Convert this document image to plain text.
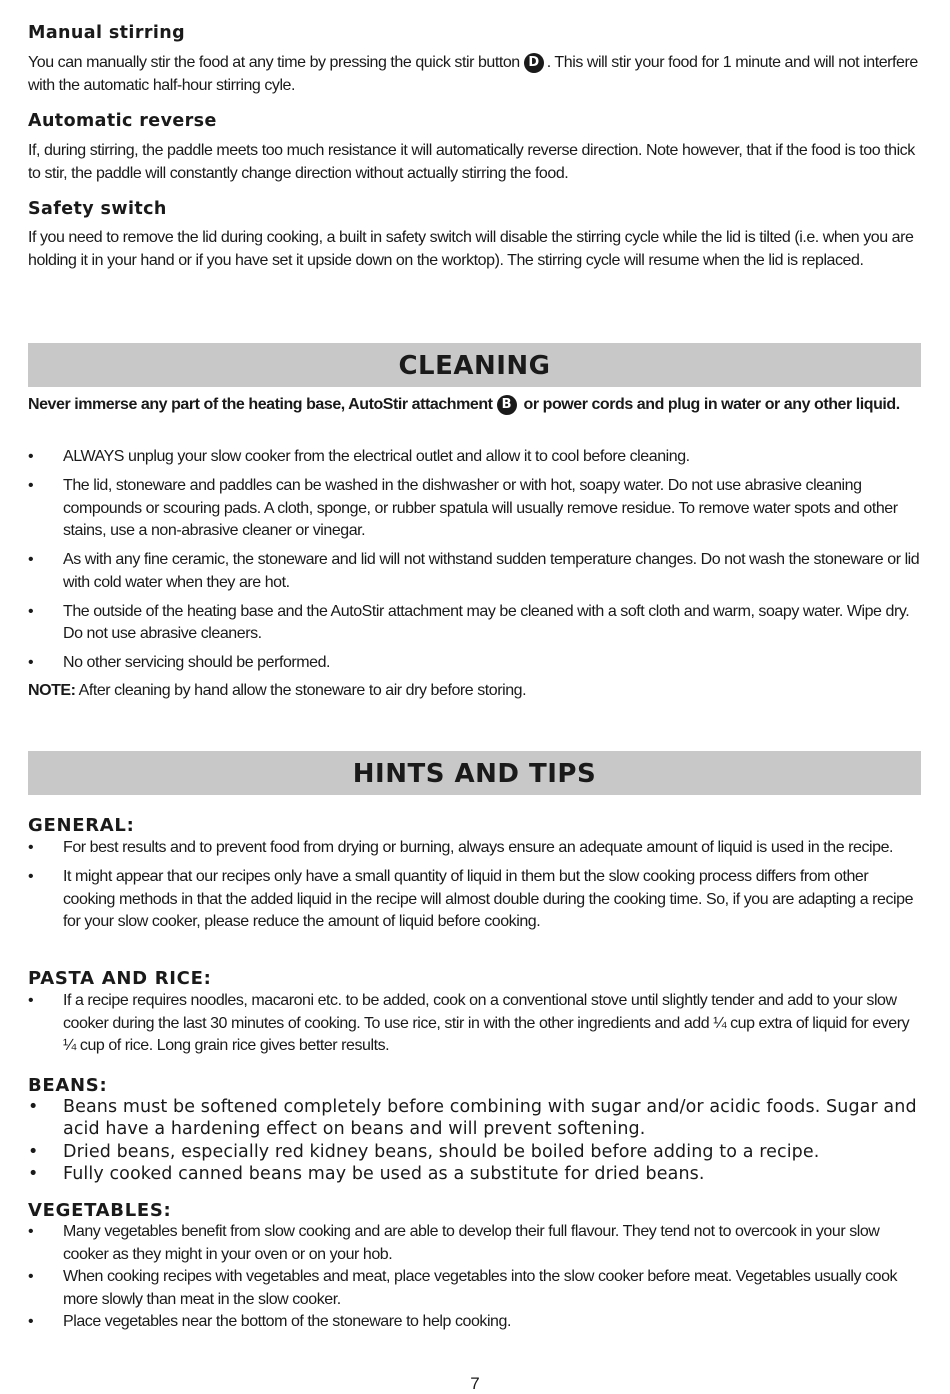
Manual stirring

You can manually stir the food at any time by pressing the quick stir button D . This will stir your food for 1 minute and will not interfere with the automatic half-hour stirring cyle.

Automatic reverse

If, during stirring, the paddle meets too much resistance it will automatically reverse direction. Note however, that if the food is too thick to stir, the paddle will constantly change direction without actually stirring the food.

Safety switch

If you need to remove the lid during cooking, a built in safety switch will disable the stirring cycle while the lid is tilted (i.e. when you are holding it in your hand or if you have set it upside down on the worktop). The stirring cycle will resume when the lid is replaced.

CLEANING

Never immerse any part of the heating base, AutoStir attachment B or power cords and plug in water or any other liquid.

• ALWAYS unplug your slow cooker from the electrical outlet and allow it to cool before cleaning.
• The lid, stoneware and paddles can be washed in the dishwasher or with hot, soapy water. Do not use abrasive cleaning compounds or scouring pads. A cloth, sponge, or rubber spatula will usually remove residue. To remove water spots and other stains, use a non-abrasive cleaner or vinegar.
• As with any fine ceramic, the stoneware and lid will not withstand sudden temperature changes. Do not wash the stoneware or lid with cold water when they are hot.
• The outside of the heating base and the AutoStir attachment may be cleaned with a soft cloth and warm, soapy water. Wipe dry. Do not use abrasive cleaners.
• No other servicing should be performed.

NOTE: After cleaning by hand allow the stoneware to air dry before storing.

HINTS AND TIPS
GENERAL:
• For best results and to prevent food from drying or burning, always ensure an adequate amount of liquid is used in the recipe.
• It might appear that our recipes only have a small quantity of liquid in them but the slow cooking process differs from other cooking methods in that the added liquid in the recipe will almost double during the cooking time. So, if you are adapting a recipe for your slow cooker, please reduce the amount of liquid before cooking.
PASTA AND RICE:
• If a recipe requires noodles, macaroni etc. to be added, cook on a conventional stove until slightly tender and add to your slow cooker during the last 30 minutes of cooking. To use rice, stir in with the other ingredients and add ¼ cup extra of liquid for every ¼ cup of rice. Long grain rice gives better results.
BEANS:
• Beans must be softened completely before combining with sugar and/or acidic foods. Sugar and acid have a hardening effect on beans and will prevent softening.
• Dried beans, especially red kidney beans, should be boiled before adding to a recipe.
• Fully cooked canned beans may be used as a substitute for dried beans.
VEGETABLES:
• Many vegetables benefit from slow cooking and are able to develop their full flavour. They tend not to overcook in your slow cooker as they might in your oven or on your hob.
• When cooking recipes with vegetables and meat, place vegetables into the slow cooker before meat. Vegetables usually cook more slowly than meat in the slow cooker.
• Place vegetables near the bottom of the stoneware to help cooking.
7
